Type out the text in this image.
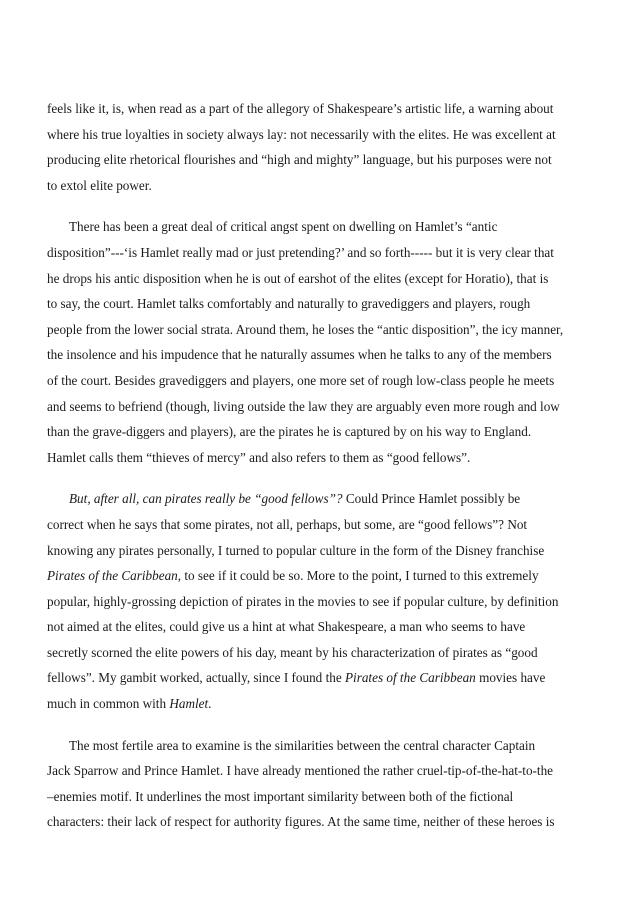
feels like it, is, when read as a part of the allegory of Shakespeare’s artistic life, a warning about
where his true loyalties in society always lay: not necessarily with the elites. He was excellent at
producing elite rhetorical flourishes and “high and mighty” language, but his purposes were not
to extol elite power.
There has been a great deal of critical angst spent on dwelling on Hamlet’s “antic
disposition”---‘is Hamlet really mad or just pretending?’ and so forth----- but it is very clear that
he drops his antic disposition when he is out of earshot of the elites (except for Horatio), that is
to say, the court. Hamlet talks comfortably and naturally to gravediggers and players, rough
people from the lower social strata. Around them, he loses the “antic disposition”, the icy manner,
the insolence and his impudence that he naturally assumes when he talks to any of the members
of the court. Besides gravediggers and players, one more set of rough low-class people he meets
and seems to befriend (though, living outside the law they are arguably even more rough and low
than the grave-diggers and players), are the pirates he is captured by on his way to England.
Hamlet calls them “thieves of mercy” and also refers to them as “good fellows”.
But, after all, can pirates really be “good fellows”? Could Prince Hamlet possibly be
correct when he says that some pirates, not all, perhaps, but some, are “good fellows”? Not
knowing any pirates personally, I turned to popular culture in the form of the Disney franchise
Pirates of the Caribbean, to see if it could be so. More to the point, I turned to this extremely
popular, highly-grossing depiction of pirates in the movies to see if popular culture, by definition
not aimed at the elites, could give us a hint at what Shakespeare, a man who seems to have
secretly scorned the elite powers of his day, meant by his characterization of pirates as “good
fellows”. My gambit worked, actually, since I found the Pirates of the Caribbean movies have
much in common with Hamlet.
The most fertile area to examine is the similarities between the central character Captain
Jack Sparrow and Prince Hamlet. I have already mentioned the rather cruel-tip-of-the-hat-to-the
–enemies motif. It underlines the most important similarity between both of the fictional
characters: their lack of respect for authority figures. At the same time, neither of these heroes is
